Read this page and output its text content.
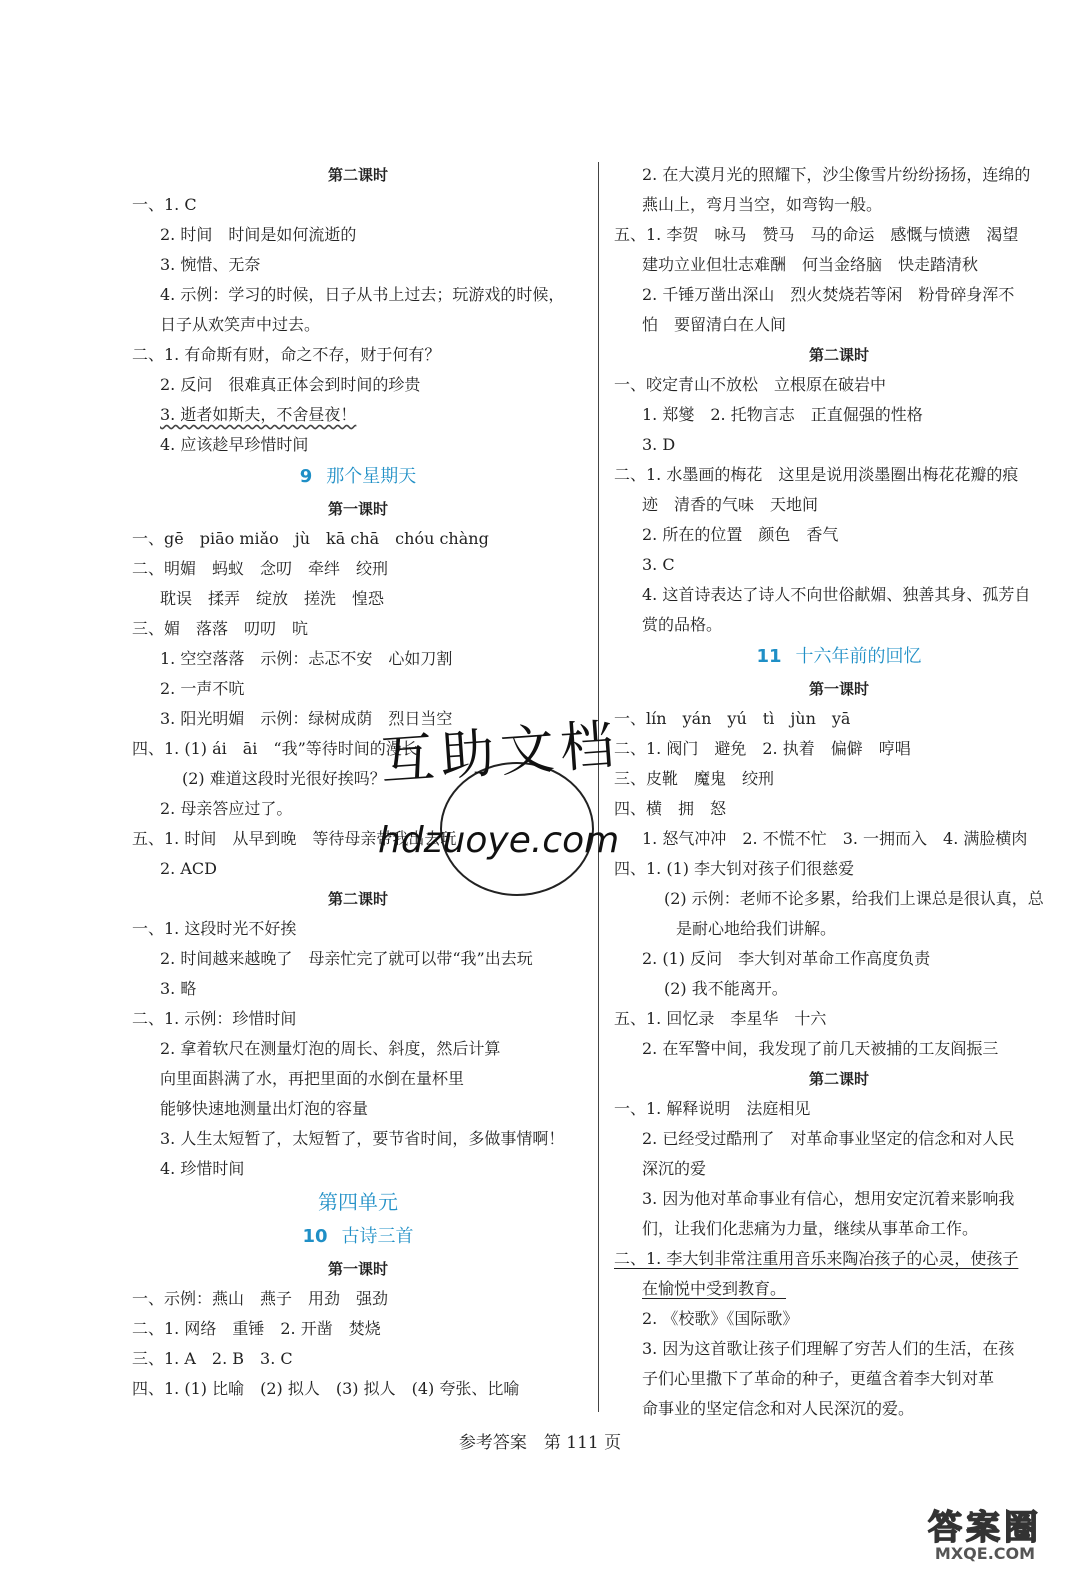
第二课时
一、1. C
2. 时间　时间是如何流逝的
3. 惋惜、无奈
4. 示例：学习的时候，日子从书上过去；玩游戏的时候，
日子从欢笑声中过去。
二、1. 有命斯有财，命之不存，财于何有？
2. 反问　很难真正体会到时间的珍贵
3. 逝者如斯夫，不舍昼夜！
4. 应该趁早珍惜时间
9 那个星期天
第一课时
一、gē　piāo miǎo　jù　kā chā　chóu chàng
二、明媚　蚂蚁　念叨　牵绊　绞刑
耽误　揉弄　绽放　搓洗　惶恐
三、媚　落落　叨叨　吭
1. 空空落落　示例：忐忑不安　心如刀割
2. 一声不吭
3. 阳光明媚　示例：绿树成荫　烈日当空
四、1. (1) ái　āi　“我”等待时间的漫长
(2) 难道这段时光很好挨吗？
2. 母亲答应过了。
五、1. 时间　从早到晚　等待母亲带我出去玩
2. ACD
第二课时
一、1. 这段时光不好挨
2. 时间越来越晚了　母亲忙完了就可以带“我”出去玩
3. 略
二、1. 示例：珍惜时间
2. 拿着软尺在测量灯泡的周长、斜度，然后计算
向里面斟满了水，再把里面的水倒在量杯里
能够快速地测量出灯泡的容量
3. 人生太短暂了，太短暂了，要节省时间，多做事情啊！
4. 珍惜时间
第四单元
10 古诗三首
第一课时
一、示例：燕山　燕子　用劲　强劲
二、1. 网络　重锤　2. 开凿　焚烧
三、1. A　2. B　3. C
四、1. (1) 比喻　(2) 拟人　(3) 拟人　(4) 夸张、比喻
2. 在大漠月光的照耀下，沙尘像雪片纷纷扬扬，连绵的
燕山上，弯月当空，如弯钩一般。
五、1. 李贺　咏马　赞马　马的命运　感慨与愤懑　渴望
建功立业但壮志难酬　何当金络脑　快走踏清秋
2. 千锤万凿出深山　烈火焚烧若等闲　粉骨碎身浑不
怕　要留清白在人间
第二课时
一、咬定青山不放松　立根原在破岩中
1. 郑燮　2. 托物言志　正直倔强的性格
3. D
二、1. 水墨画的梅花　这里是说用淡墨圈出梅花花瓣的痕
迹　清香的气味　天地间
2. 所在的位置　颜色　香气
3. C
4. 这首诗表达了诗人不向世俗献媚、独善其身、孤芳自
赏的品格。
11 十六年前的回忆
第一课时
一、lín　yán　yú　tì　jùn　yā
二、1. 阀门　避免　2. 执着　偏僻　哼唱
三、皮靴　魔鬼　绞刑
四、横　拥　怒
1. 怒气冲冲　2. 不慌不忙　3. 一拥而入　4. 满脸横肉
四、1. (1) 李大钊对孩子们很慈爱
(2) 示例：老师不论多累，给我们上课总是很认真，总
是耐心地给我们讲解。
2. (1) 反问　李大钊对革命工作高度负责
(2) 我不能离开。
五、1. 回忆录　李星华　十六
2. 在军警中间，我发现了前几天被捕的工友阎振三
第二课时
一、1. 解释说明　法庭相见
2. 已经受过酷刑了　对革命事业坚定的信念和对人民
深沉的爱
3. 因为他对革命事业有信心，想用安定沉着来影响我
们，让我们化悲痛为力量，继续从事革命工作。
二、1. 李大钊非常注重用音乐来陶冶孩子的心灵，使孩子
在愉悦中受到教育。
2. 《校歌》《国际歌》
3. 因为这首歌让孩子们理解了穷苦人们的生活，在孩
子们心里撒下了革命的种子，更蕴含着李大钊对革
命事业的坚定信念和对人民深沉的爱。
参考答案　第 111 页
互助文档
hdzuoye.com
答案圈
MXQE.COM
